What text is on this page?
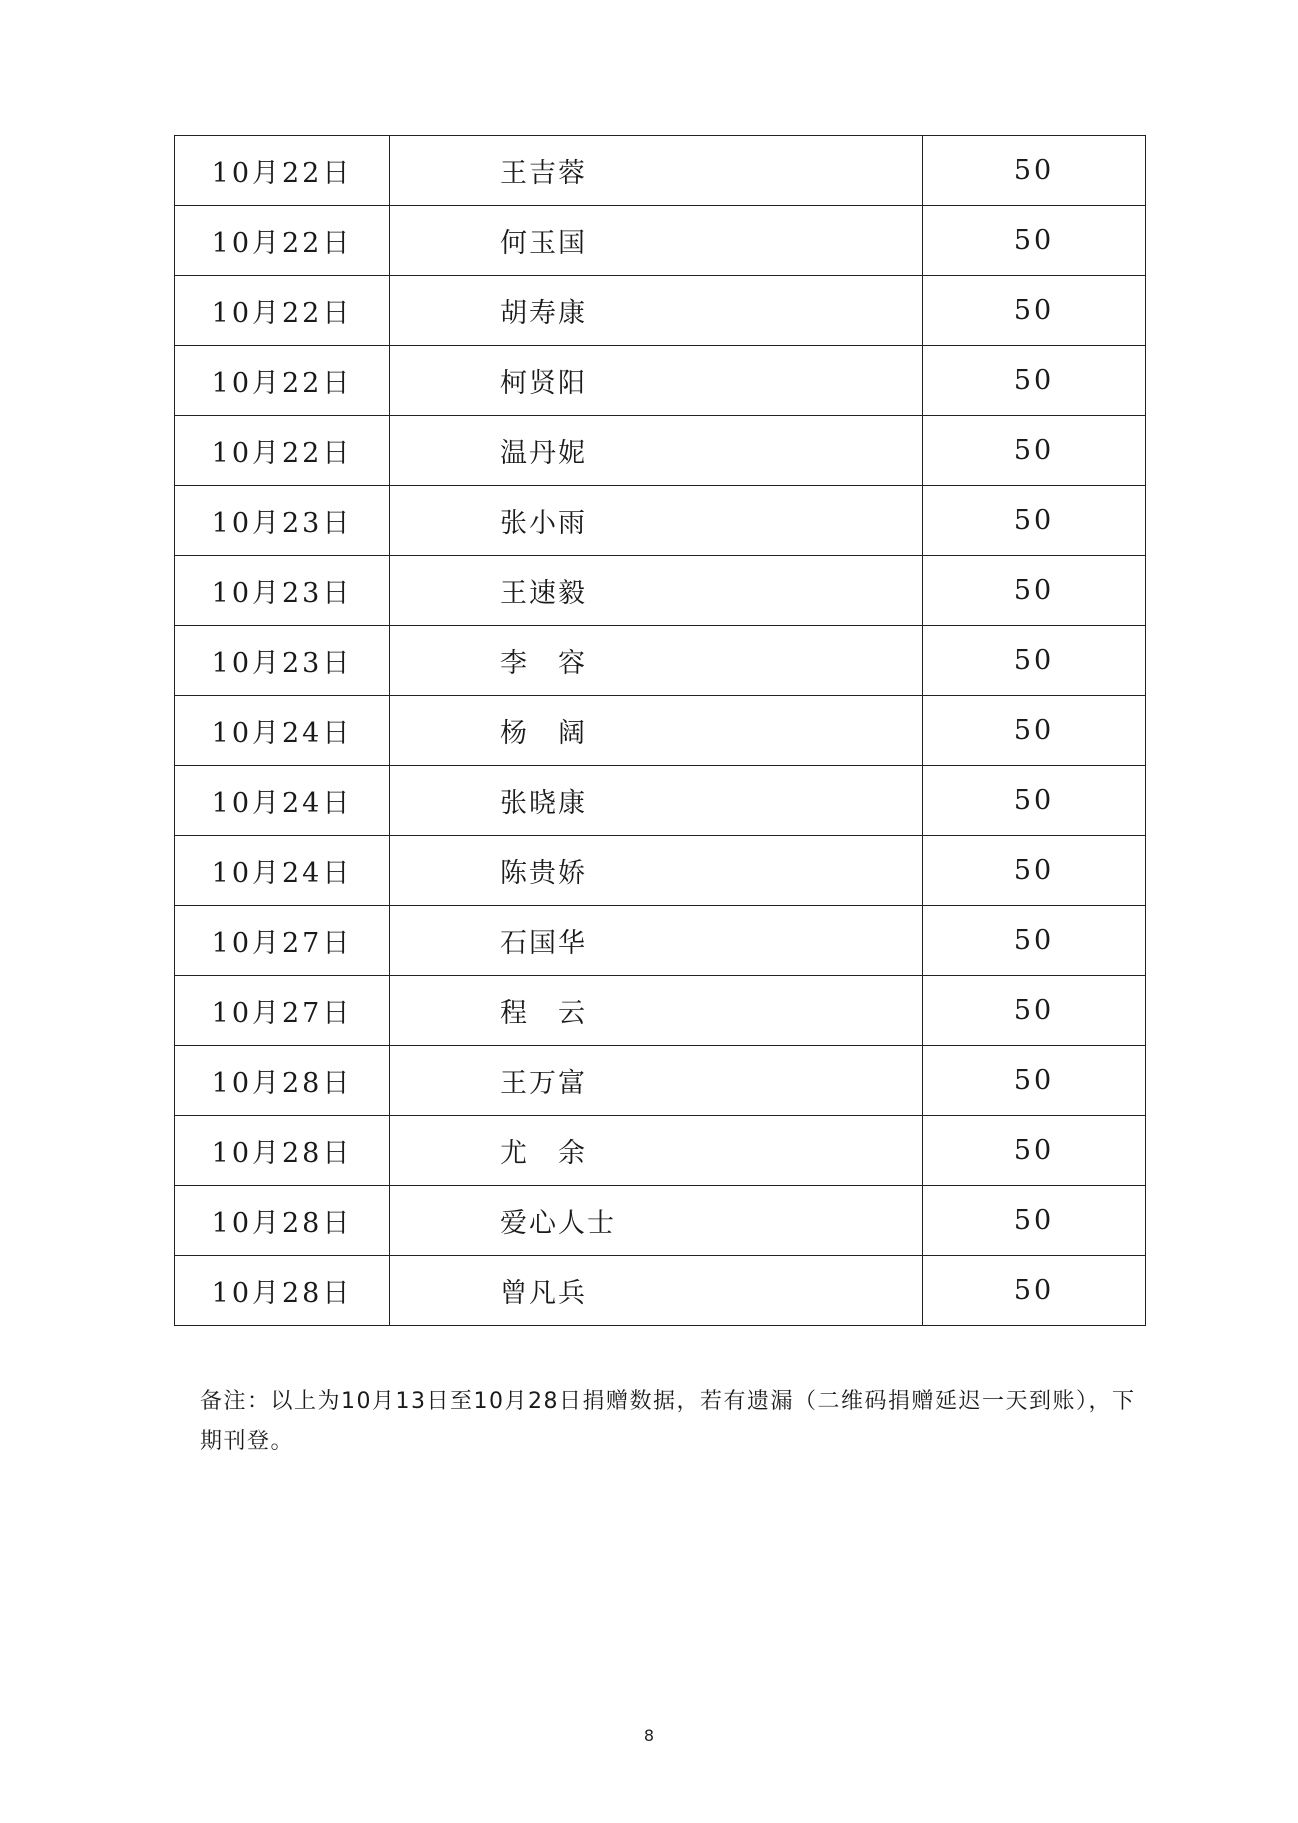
10月22日	王吉蓉	50
10月22日	何玉国	50
10月22日	胡寿康	50
10月22日	柯贤阳	50
10月22日	温丹妮	50
10月23日	张小雨	50
10月23日	王速毅	50
10月23日	李　容	50
10月24日	杨　阔	50
10月24日	张晓康	50
10月24日	陈贵娇	50
10月27日	石国华	50
10月27日	程　云	50
10月28日	王万富	50
10月28日	尤　余	50
10月28日	爱心人士	50
10月28日	曾凡兵	50
备注：以上为10月13日至10月28日捐赠数据，若有遗漏（二维码捐赠延迟一天到账），下期刊登。
8
